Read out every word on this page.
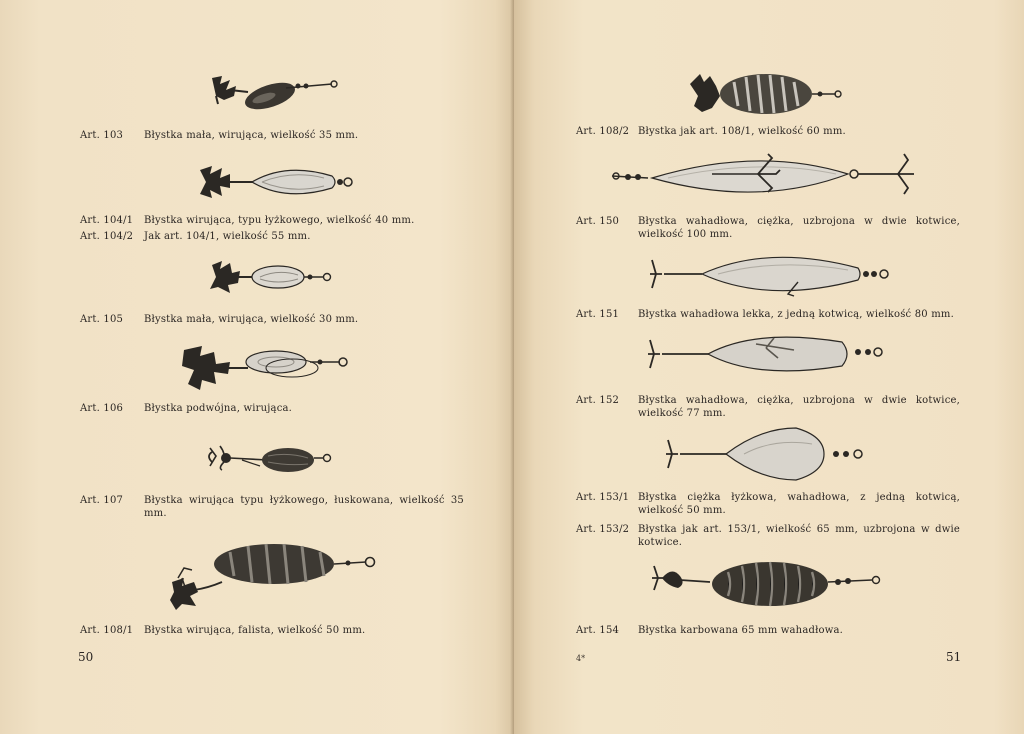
Art. 103 Błystka mała, wirująca, wielkość 35 mm.
Art. 104/1 Błystka wirująca, typu łyżkowego, wielkość 40 mm.
Art. 104/2 Jak art. 104/1, wielkość 55 mm.
Art. 105 Błystka mała, wirująca, wielkość 30 mm.
Art. 106 Błystka podwójna, wirująca.
Art. 107 Błystka wirująca typu łyżkowego, łuskowana, wielkość 35 mm.
Art. 108/1 Błystka wirująca, falista, wielkość 50 mm.
50
Art. 108/2 Błystka jak art. 108/1, wielkość 60 mm.
Art. 150 Błystka wahadłowa, ciężka, uzbrojona w dwie kotwice, wielkość 100 mm.
Art. 151 Błystka wahadłowa lekka, z jedną kotwicą, wielkość 80 mm.
Art. 152 Błystka wahadłowa, ciężka, uzbrojona w dwie kotwice, wielkość 77 mm.
Art. 153/1 Błystka ciężka łyżkowa, wahadłowa, z jedną kotwicą, wielkość 50 mm.
Art. 153/2 Błystka jak art. 153/1, wielkość 65 mm, uzbrojona w dwie kotwice.
Art. 154 Błystka karbowana 65 mm wahadłowa.
4*	51
